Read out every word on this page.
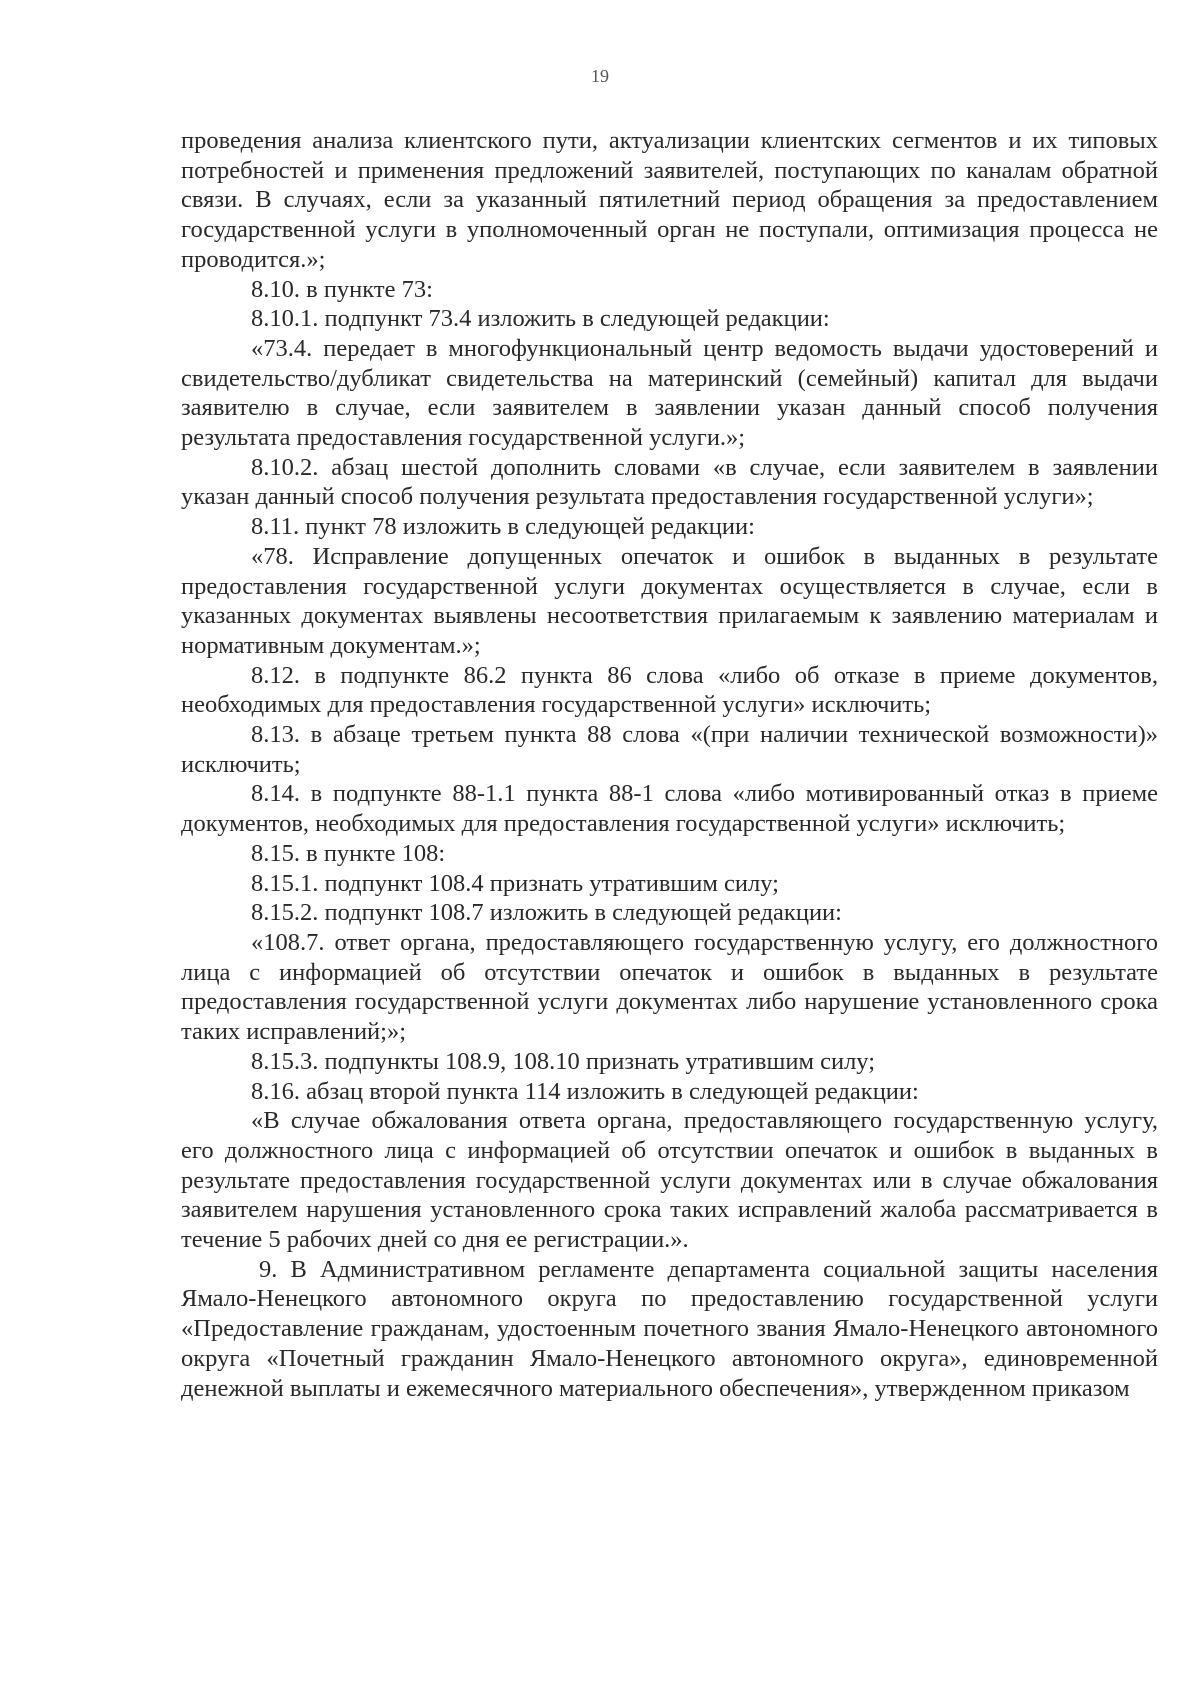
19

проведения анализа клиентского пути, актуализации клиентских сегментов и их типовых потребностей и применения предложений заявителей, поступающих по каналам обратной связи. В случаях, если за указанный пятилетний период обращения за предоставлением государственной услуги в уполномоченный орган не поступали, оптимизация процесса не проводится.»;

8.10. в пункте 73:

8.10.1. подпункт 73.4 изложить в следующей редакции:

«73.4. передает в многофункциональный центр ведомость выдачи удостоверений и свидетельство/дубликат свидетельства на материнский (семейный) капитал для выдачи заявителю в случае, если заявителем в заявлении указан данный способ получения результата предоставления государственной услуги.»;

8.10.2. абзац шестой дополнить словами «в случае, если заявителем в заявлении указан данный способ получения результата предоставления государственной услуги»;

8.11. пункт 78 изложить в следующей редакции:

«78. Исправление допущенных опечаток и ошибок в выданных в результате предоставления государственной услуги документах осуществляется в случае, если в указанных документах выявлены несоответствия прилагаемым к заявлению материалам и нормативным документам.»;

8.12. в подпункте 86.2 пункта 86 слова «либо об отказе в приеме документов, необходимых для предоставления государственной услуги» исключить;

8.13. в абзаце третьем пункта 88 слова «(при наличии технической возможности)» исключить;

8.14. в подпункте 88-1.1 пункта 88-1 слова «либо мотивированный отказ в приеме документов, необходимых для предоставления государственной услуги» исключить;

8.15. в пункте 108:

8.15.1. подпункт 108.4 признать утратившим силу;

8.15.2. подпункт 108.7 изложить в следующей редакции:

«108.7. ответ органа, предоставляющего государственную услугу, его должностного лица с информацией об отсутствии опечаток и ошибок в выданных в результате предоставления государственной услуги документах либо нарушение установленного срока таких исправлений;»;

8.15.3. подпункты 108.9, 108.10 признать утратившим силу;

8.16. абзац второй пункта 114 изложить в следующей редакции:

«В случае обжалования ответа органа, предоставляющего государственную услугу, его должностного лица с информацией об отсутствии опечаток и ошибок в выданных в результате предоставления государственной услуги документах или в случае обжалования заявителем нарушения установленного срока таких исправлений жалоба рассматривается в течение 5 рабочих дней со дня ее регистрации.».

9. В Административном регламенте департамента социальной защиты населения Ямало-Ненецкого автономного округа по предоставлению государственной услуги «Предоставление гражданам, удостоенным почетного звания Ямало-Ненецкого автономного округа «Почетный гражданин Ямало-Ненецкого автономного округа», единовременной денежной выплаты и ежемесячного материального обеспечения», утвержденном приказом
